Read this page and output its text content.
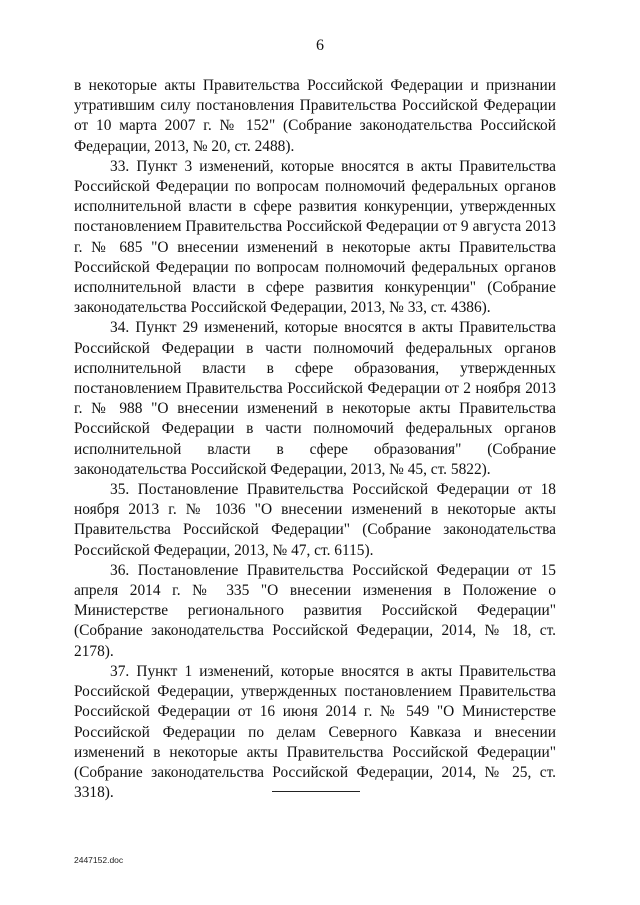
6

в некоторые акты Правительства Российской Федерации и признании утратившим силу постановления Правительства Российской Федерации от 10 марта 2007 г. № 152" (Собрание законодательства Российской Федерации, 2013, № 20, ст. 2488).

33. Пункт 3 изменений, которые вносятся в акты Правительства Российской Федерации по вопросам полномочий федеральных органов исполнительной власти в сфере развития конкуренции, утвержденных постановлением Правительства Российской Федерации от 9 августа 2013 г. № 685 "О внесении изменений в некоторые акты Правительства Российской Федерации по вопросам полномочий федеральных органов исполнительной власти в сфере развития конкуренции" (Собрание законодательства Российской Федерации, 2013, № 33, ст. 4386).

34. Пункт 29 изменений, которые вносятся в акты Правительства Российской Федерации в части полномочий федеральных органов исполнительной власти в сфере образования, утвержденных постановлением Правительства Российской Федерации от 2 ноября 2013 г. № 988 "О внесении изменений в некоторые акты Правительства Российской Федерации в части полномочий федеральных органов исполнительной власти в сфере образования" (Собрание законодательства Российской Федерации, 2013, № 45, ст. 5822).

35. Постановление Правительства Российской Федерации от 18 ноября 2013 г. № 1036 "О внесении изменений в некоторые акты Правительства Российской Федерации" (Собрание законодательства Российской Федерации, 2013, № 47, ст. 6115).

36. Постановление Правительства Российской Федерации от 15 апреля 2014 г. № 335 "О внесении изменения в Положение о Министерстве регионального развития Российской Федерации" (Собрание законодательства Российской Федерации, 2014, № 18, ст. 2178).

37. Пункт 1 изменений, которые вносятся в акты Правительства Российской Федерации, утвержденных постановлением Правительства Российской Федерации от 16 июня 2014 г. № 549 "О Министерстве Российской Федерации по делам Северного Кавказа и внесении изменений в некоторые акты Правительства Российской Федерации" (Собрание законодательства Российской Федерации, 2014, № 25, ст. 3318).

2447152.doc
